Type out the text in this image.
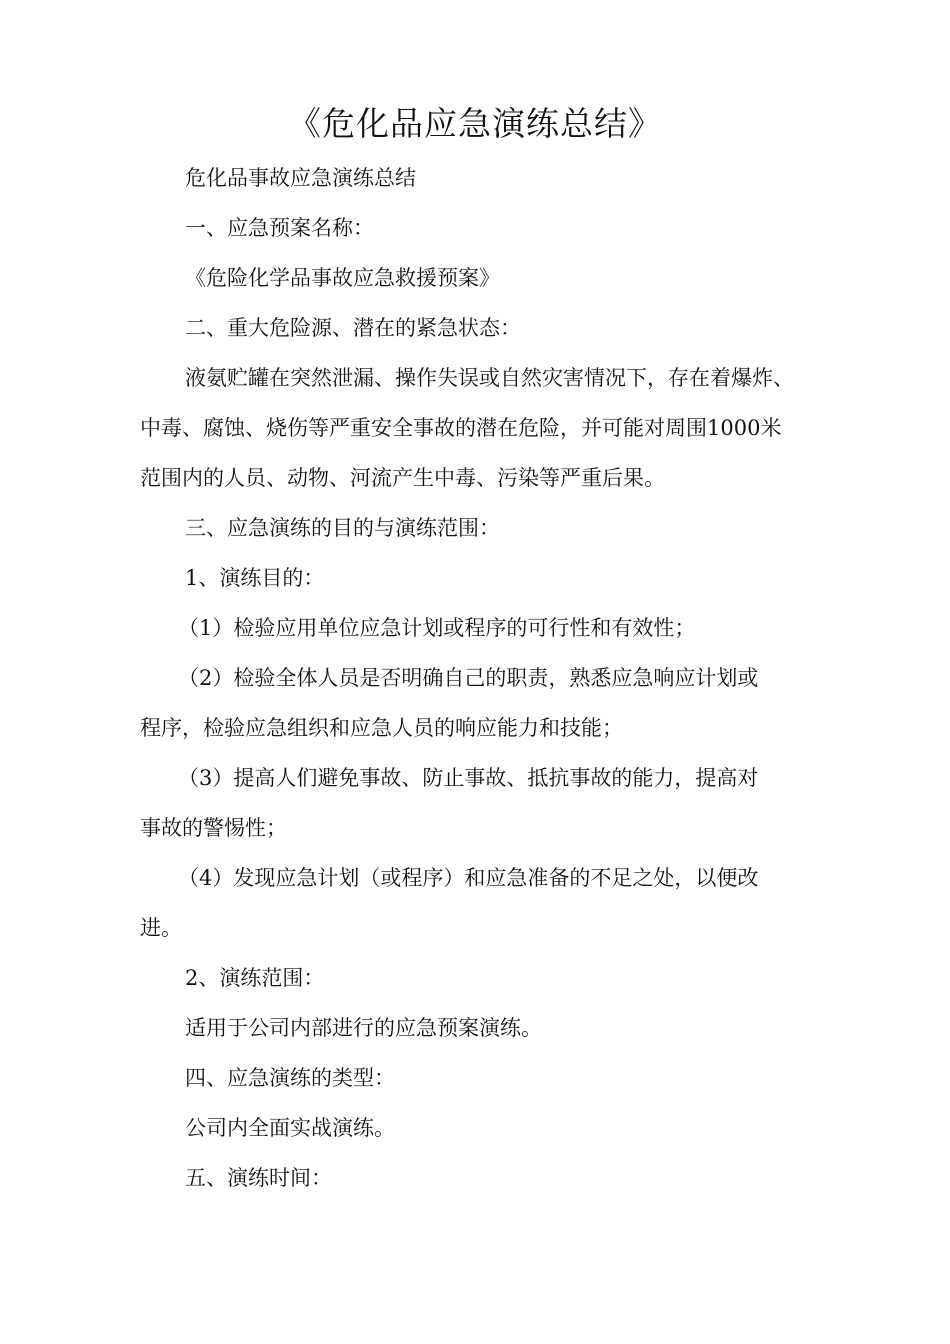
《危化品应急演练总结》

危化品事故应急演练总结

一、应急预案名称：

《危险化学品事故应急救援预案》

二、重大危险源、潜在的紧急状态：

液氨贮罐在突然泄漏、操作失误或自然灾害情况下，存在着爆炸、
中毒、腐蚀、烧伤等严重安全事故的潜在危险，并可能对周围1000米
范围内的人员、动物、河流产生中毒、污染等严重后果。

三、应急演练的目的与演练范围：

1、演练目的：

（1）检验应用单位应急计划或程序的可行性和有效性；

（2）检验全体人员是否明确自己的职责，熟悉应急响应计划或
程序，检验应急组织和应急人员的响应能力和技能；
（3）提高人们避免事故、防止事故、抵抗事故的能力，提高对
事故的警惕性；
（4）发现应急计划（或程序）和应急准备的不足之处，以便改
进。

2、演练范围：

适用于公司内部进行的应急预案演练。

四、应急演练的类型：

公司内全面实战演练。

五、演练时间：
